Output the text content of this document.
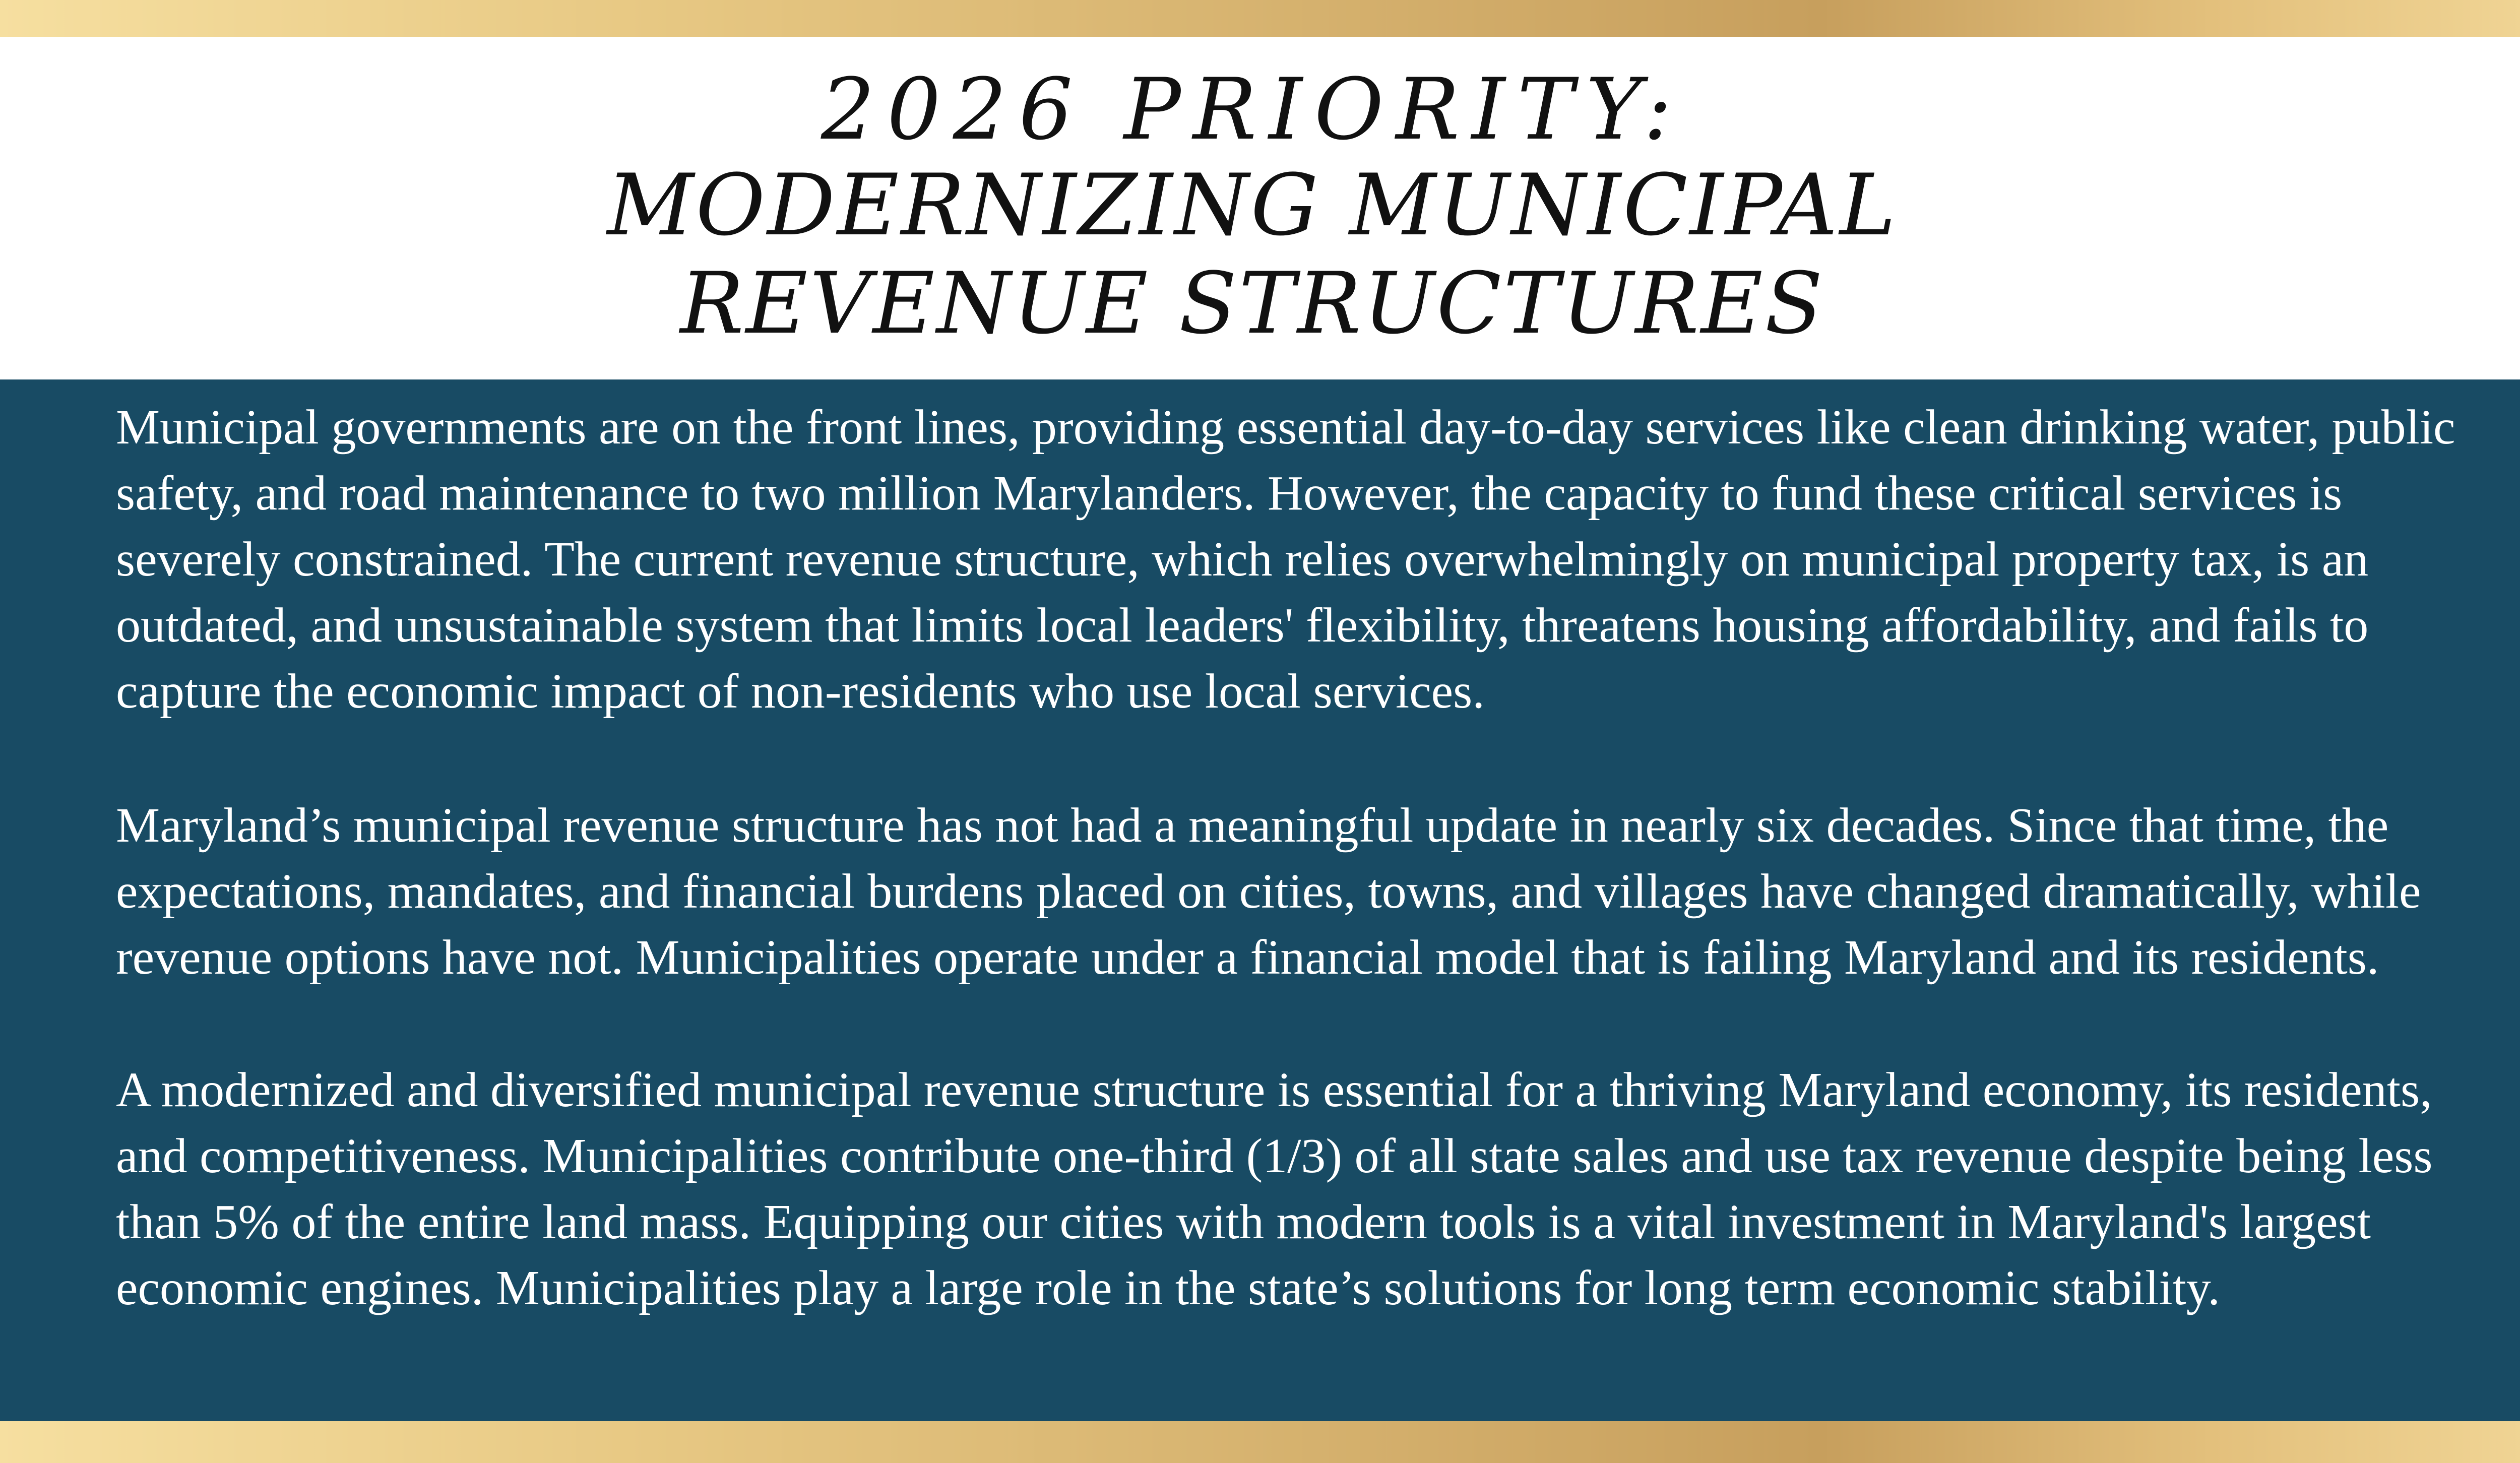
2026 PRIORITY:
MODERNIZING MUNICIPAL
REVENUE STRUCTURES

Municipal governments are on the front lines, providing essential day-to-day services like clean drinking water, public safety, and road maintenance to two million Marylanders. However, the capacity to fund these critical services is severely constrained. The current revenue structure, which relies overwhelmingly on municipal property tax, is an outdated, and unsustainable system that limits local leaders' flexibility, threatens housing affordability, and fails to capture the economic impact of non-residents who use local services.

Maryland’s municipal revenue structure has not had a meaningful update in nearly six decades. Since that time, the expectations, mandates, and financial burdens placed on cities, towns, and villages have changed dramatically, while revenue options have not. Municipalities operate under a financial model that is failing Maryland and its residents.

A modernized and diversified municipal revenue structure is essential for a thriving Maryland economy, its residents, and competitiveness. Municipalities contribute one-third (1/3) of all state sales and use tax revenue despite being less than 5% of the entire land mass. Equipping our cities with modern tools is a vital investment in Maryland's largest economic engines. Municipalities play a large role in the state’s solutions for long term economic stability.
